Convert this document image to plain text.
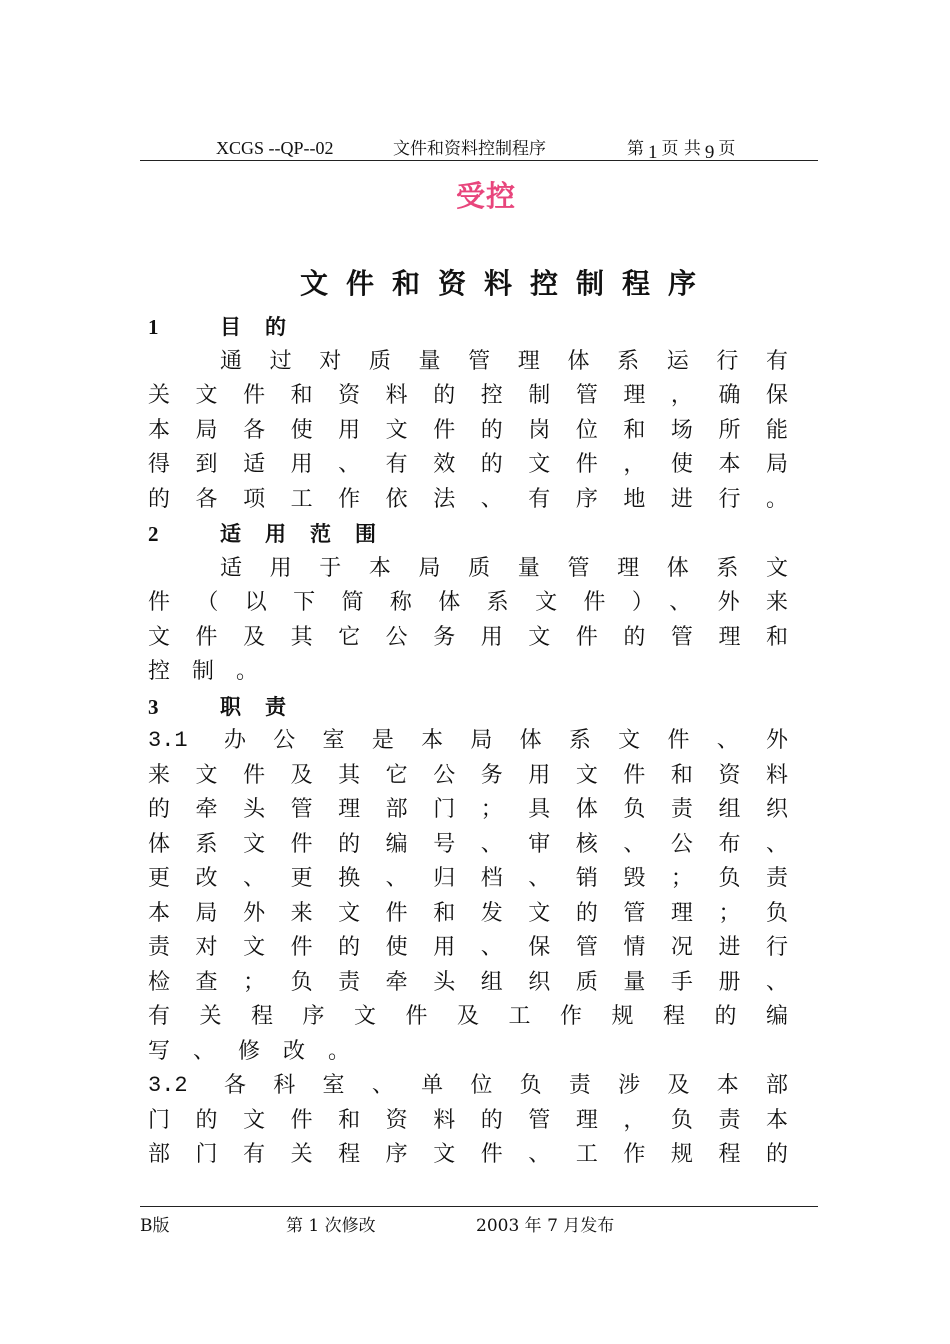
XCGS --QP--02	文件和资料控制程序	第 1 页 共 9 页
受控
文件和资料控制程序
1	目的
通过对质量管理体系运行有
关文件和资料的控制管理，确保
本局各使用文件的岗位和场所能
得到适用、有效的文件，使本局
的各项工作依法、有序地进行。
2	适用范围
适用于本局质量管理体系文
件（以下简称体系文件）、外来
文件及其它公务用文件的管理和
控制。
3	职责
3.1	办公室是本局体系文件、外
来文件及其它公务用文件和资料
的牵头管理部门；具体负责组织
体系文件的编号、审核、公布、
更改、更换、归档、销毁；负责
本局外来文件和发文的管理；负
责对文件的使用、保管情况进行
检查；负责牵头组织质量手册、
有关程序文件及工作规程的编
写、修改。
3.2	各科室、单位负责涉及本部
门的文件和资料的管理，负责本
部门有关程序文件、工作规程的
B版	第 1 次修改	2003 年 7 月发布
